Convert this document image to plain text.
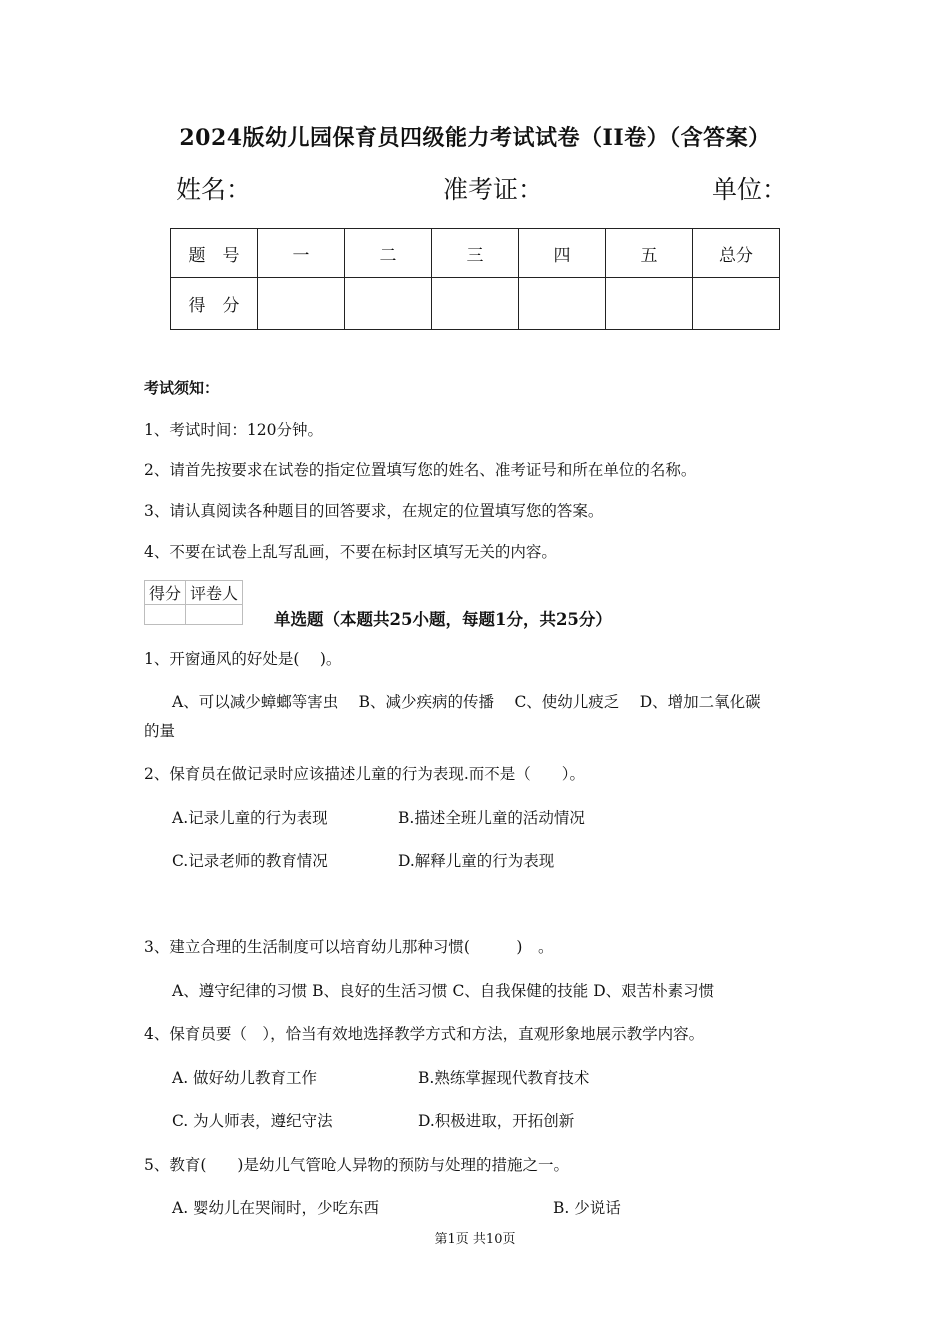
2024版幼儿园保育员四级能力考试试卷（II卷）（含答案）
姓名：	准考证：	单位：
题　号	一	二	三	四	五	总分
得　分						
考试须知：
1、考试时间：120分钟。
2、请首先按要求在试卷的指定位置填写您的姓名、准考证号和所在单位的名称。
3、请认真阅读各种题目的回答要求，在规定的位置填写您的答案。
4、不要在试卷上乱写乱画，不要在标封区填写无关的内容。
得分	评卷人

单选题（本题共25小题，每题1分，共25分）
1、开窗通风的好处是(　 )。
A、可以减少蟑螂等害虫　 B、减少疾病的传播　 C、使幼儿疲乏　 D、增加二氧化碳
的量
2、保育员在做记录时应该描述儿童的行为表现.而不是（　　）。
A.记录儿童的行为表现	B.描述全班儿童的活动情况
C.记录老师的教育情况	D.解释儿童的行为表现
3、建立合理的生活制度可以培育幼儿那种习惯(　　　)　。
A、遵守纪律的习惯 B、良好的生活习惯 C、自我保健的技能 D、艰苦朴素习惯
4、保育员要（　），恰当有效地选择教学方式和方法，直观形象地展示教学内容。
A. 做好幼儿教育工作	B.熟练掌握现代教育技术
C. 为人师表，遵纪守法	D.积极进取，开拓创新
5、教育(　　)是幼儿气管呛人异物的预防与处理的措施之一。
A. 婴幼儿在哭闹时，少吃东西	B. 少说话
第1页 共10页
